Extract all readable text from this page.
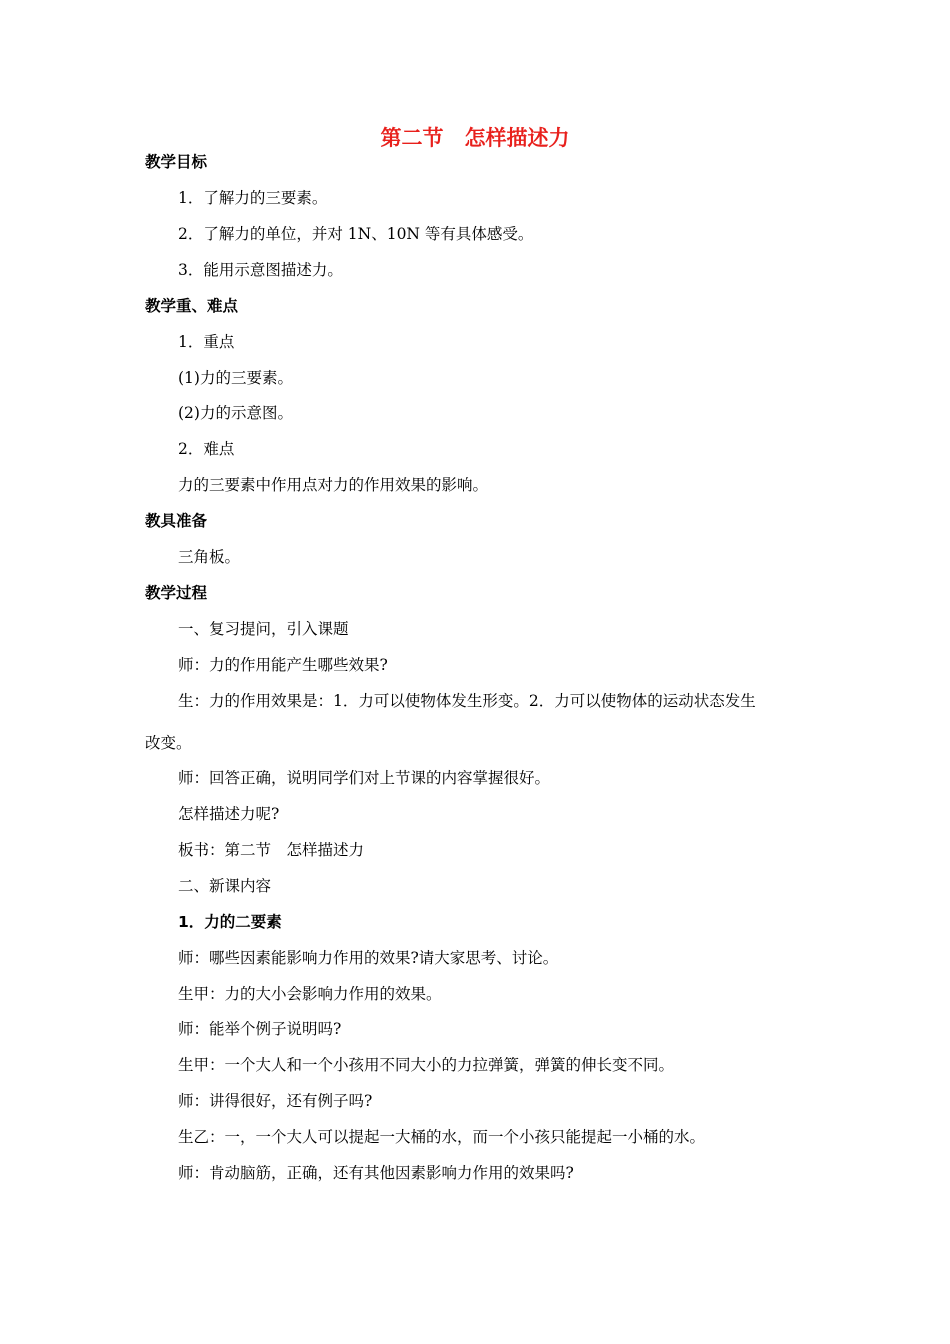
第二节　怎样描述力
教学目标
1．了解力的三要素。
2．了解力的单位，并对 1N、10N 等有具体感受。
3．能用示意图描述力。
教学重、难点
1．重点
(1)力的三要素。
(2)力的示意图。
2．难点
力的三要素中作用点对力的作用效果的影响。
教具准备
三角板。
教学过程
一、复习提问，引入课题
师：力的作用能产生哪些效果?
生：力的作用效果是：1．力可以使物体发生形变。2．力可以使物体的运动状态发生
改变。
师：回答正确，说明同学们对上节课的内容掌握很好。
怎样描述力呢?
板书：第二节　怎样描述力
二、新课内容
1．力的二要素
师：哪些因素能影响力作用的效果?请大家思考、讨论。
生甲：力的大小会影响力作用的效果。
师：能举个例子说明吗?
生甲：一个大人和一个小孩用不同大小的力拉弹簧，弹簧的伸长变不同。
师：讲得很好，还有例子吗?
生乙：一，一个大人可以提起一大桶的水，而一个小孩只能提起一小桶的水。
师：肯动脑筋，正确，还有其他因素影响力作用的效果吗?
